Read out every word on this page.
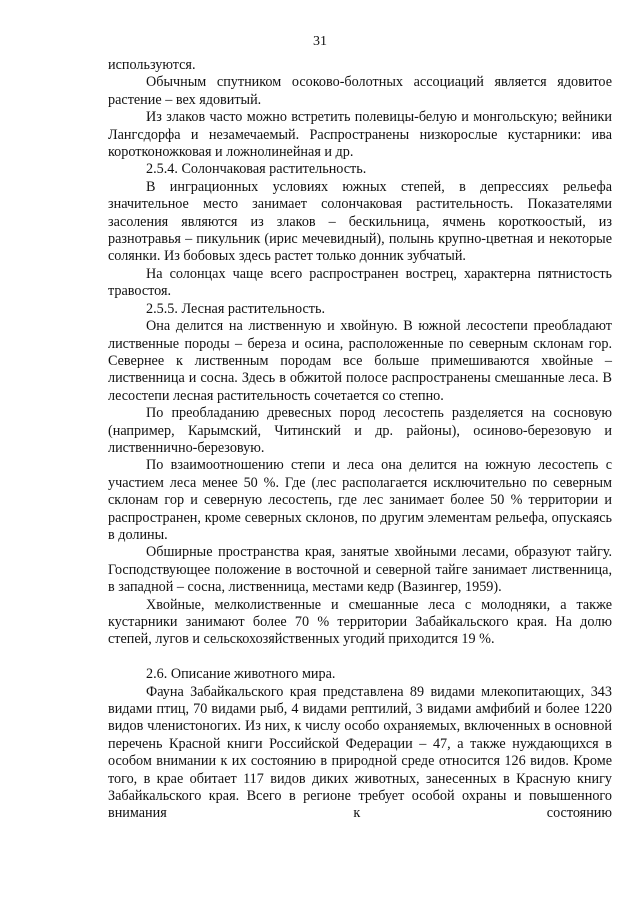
31

используются.

Обычным спутником осоково-болотных ассоциаций является ядовитое растение – вех ядовитый.

Из злаков часто можно встретить полевицы-белую и монгольскую; вейники Лангсдорфа и незамечаемый. Распространены низкорослые кустарники: ива коротконожковая и ложнолинейная и др.

2.5.4. Солончаковая растительность.

В инграционных условиях южных степей, в депрессиях рельефа значительное место занимает солончаковая растительность. Показателями засоления являются из злаков – бескильница, ячмень короткоостый, из разнотравья – пикульник (ирис мечевидный), полынь крупно-цветная и некоторые солянки. Из бобовых здесь растет только донник зубчатый.

На солонцах чаще всего распространен вострец, характерна пятнистость травостоя.

2.5.5. Лесная растительность.

Она делится на лиственную и хвойную. В южной лесостепи преобладают лиственные породы – береза и осина, расположенные по северным склонам гор. Севернее к лиственным породам все больше примешиваются хвойные – лиственница и сосна. Здесь в обжитой полосе распространены смешанные леса. В лесостепи лесная растительность сочетается со степно.

По преобладанию древесных пород лесостепь разделяется на сосновую (например, Карымский, Читинский и др. районы), осиново-березовую и лиственнично-березовую.

По взаимоотношению степи и леса она делится на южную лесостепь с участием леса менее 50 %. Где (лес располагается исключительно по северным склонам гор и северную лесостепь, где лес занимает более 50 % территории и распространен, кроме северных склонов, по другим элементам рельефа, опускаясь в долины.

Обширные пространства края, занятые хвойными лесами, образуют тайгу. Господствующее положение в восточной и северной тайге занимает лиственница, в западной – сосна, лиственница, местами кедр (Вазингер, 1959).

Хвойные, мелколиственные и смешанные леса с молодняки, а также кустарники занимают более 70 % территории Забайкальского края. На долю степей, лугов и сельскохозяйственных угодий приходится 19 %.

2.6. Описание животного мира.

Фауна Забайкальского края представлена 89 видами млекопитающих, 343 видами птиц, 70 видами рыб, 4 видами рептилий, 3 видами амфибий и более 1220 видов членистоногих. Из них, к числу особо охраняемых, включенных в основной перечень Красной книги Российской Федерации – 47, а также нуждающихся в особом внимании к их состоянию в природной среде относится 126 видов. Кроме того, в крае обитает 117 видов диких животных, занесенных в Красную книгу Забайкальского края. Всего в регионе требует особой охраны и повышенного внимания к состоянию
